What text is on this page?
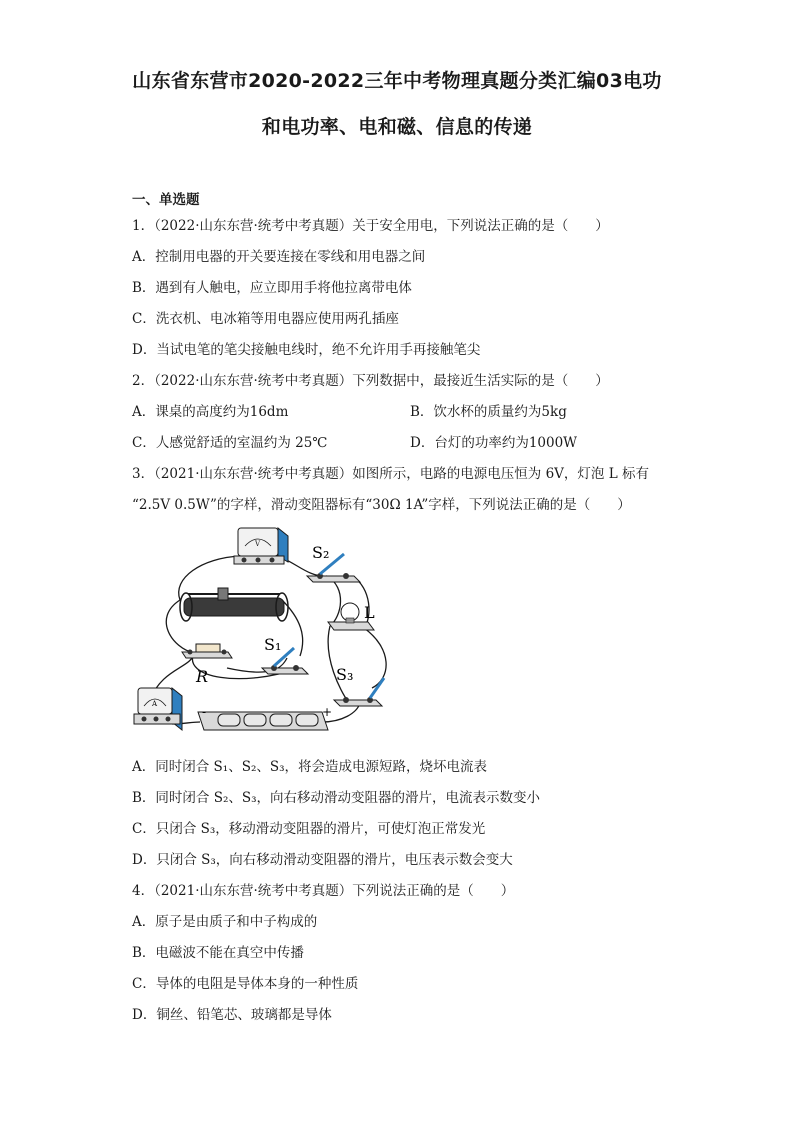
山东省东营市2020-2022三年中考物理真题分类汇编03电功
和电功率、电和磁、信息的传递
一、单选题
1．（2022·山东东营·统考中考真题）关于安全用电，下列说法正确的是（　　）
A．控制用电器的开关要连接在零线和用电器之间
B．遇到有人触电，应立即用手将他拉离带电体
C．洗衣机、电冰箱等用电器应使用两孔插座
D．当试电笔的笔尖接触电线时，绝不允许用手再接触笔尖
2．（2022·山东东营·统考中考真题）下列数据中，最接近生活实际的是（　　）
A．课桌的高度约为16dm	B．饮水杯的质量约为5kg
C．人感觉舒适的室温约为 25℃	D．台灯的功率约为1000W
3．（2021·山东东营·统考中考真题）如图所示，电路的电源电压恒为 6V，灯泡 L 标有
“2.5V 0.5W”的字样，滑动变阻器标有“30Ω 1A”字样，下列说法正确的是（　　）
V	S₂
L
R
S₁
S₃
A
-	+
A．同时闭合 S₁、S₂、S₃，将会造成电源短路，烧坏电流表
B．同时闭合 S₂、S₃，向右移动滑动变阻器的滑片，电流表示数变小
C．只闭合 S₃，移动滑动变阻器的滑片，可使灯泡正常发光
D．只闭合 S₃，向右移动滑动变阻器的滑片，电压表示数会变大
4．（2021·山东东营·统考中考真题）下列说法正确的是（　　）
A．原子是由质子和中子构成的
B．电磁波不能在真空中传播
C．导体的电阻是导体本身的一种性质
D．铜丝、铅笔芯、玻璃都是导体
